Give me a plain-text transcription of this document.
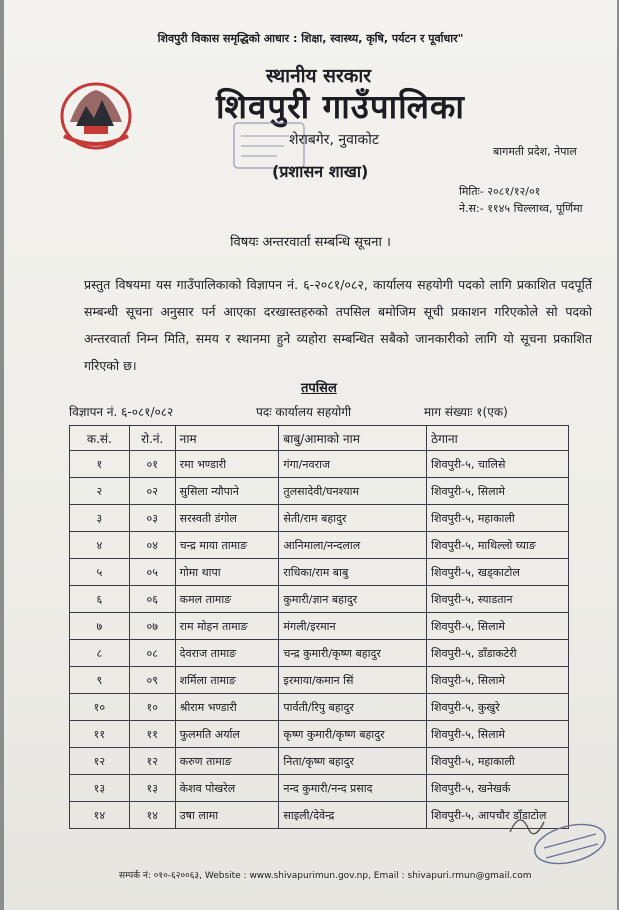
शिवपुरी विकास समृद्धिको आधार : शिक्षा, स्वास्थ्य, कृषि, पर्यटन र पूर्वाधार"
स्थानीय सरकार
शिवपुरी गाउँपालिका
शेराबगेर, नुवाकोट
(प्रशासन शाखा)
बागमती प्रदेश, नेपाल
मितिः- २०८१/१२/०१
ने.स:- ११४५ चिल्लाथ्व, पूर्णिमा
विषयः अन्तरवार्ता सम्बन्धि सूचना ।
प्रस्तुत विषयमा यस गाउँपालिकाको विज्ञापन नं. ६-२०८१/०८२, कार्यालय सहयोगी पदको लागि प्रकाशित पदपूर्ति सम्बन्धी सूचना अनुसार पर्न आएका दरखास्तहरुको तपसिल बमोजिम सूची प्रकाशन गरिएकोले सो पदको अन्तरवार्ता निम्न मिति, समय र स्थानमा हुने व्यहोरा सम्बन्धित सबैको जानकारीको लागि यो सूचना प्रकाशित गरिएको छ।
तपसिल
विज्ञापन नं. ६-०८१/०८२	पदः कार्यालय सहयोगी	माग संख्याः १(एक)
क.सं.	रो.नं.	नाम	बाबु/आमाको नाम	ठेगाना
१	०१	रमा भण्डारी	गंगा/नवराज	शिवपुरी-५, चालिसे
२	०२	सुसिला न्यौपाने	तुलसादेवी/घनश्याम	शिवपुरी-५, सिलामे
३	०३	सरस्वती डंगोल	सेती/राम बहादुर	शिवपुरी-५, महाकाली
४	०४	चन्द्र माया तामाङ	आनिमाला/नन्दलाल	शिवपुरी-५, माथिल्लो घ्याङ
५	०५	गोमा थापा	राधिका/राम बाबु	शिवपुरी-५, खड्काटोल
६	०६	कमल तामाङ	कुमारी/ज्ञान बहादुर	शिवपुरी-५, स्याडतान
७	०७	राम मोहन तामाङ	मंगली/इरमान	शिवपुरी-५, सिलामे
८	०८	देवराज तामाङ	चन्द्र कुमारी/कृष्ण बहादुर	शिवपुरी-५, डाँडाकटेरी
९	०९	शर्मिला तामाङ	इरमाया/कमान सिं	शिवपुरी-५, सिलामे
१०	१०	श्रीराम भण्डारी	पार्वती/रिपु बहादुर	शिवपुरी-५, कुखुरे
११	११	फुलमति अर्याल	कृष्ण कुमारी/कृष्ण बहादुर	शिवपुरी-५, सिलामे
१२	१२	करुण तामाङ	निता/कृष्ण बहादुर	शिवपुरी-५, महाकाली
१३	१३	केशव पोखरेल	नन्द कुमारी/नन्द प्रसाद	शिवपुरी-५, खनेखर्क
१४	१४	उषा लामा	साइली/देवेन्द्र	शिवपुरी-५, आपचौर डाँडाटोल
सम्पर्क नं: ०१०-६२००६३, Website : www.shivapurimun.gov.np, Email : shivapuri.rmun@gmail.com
